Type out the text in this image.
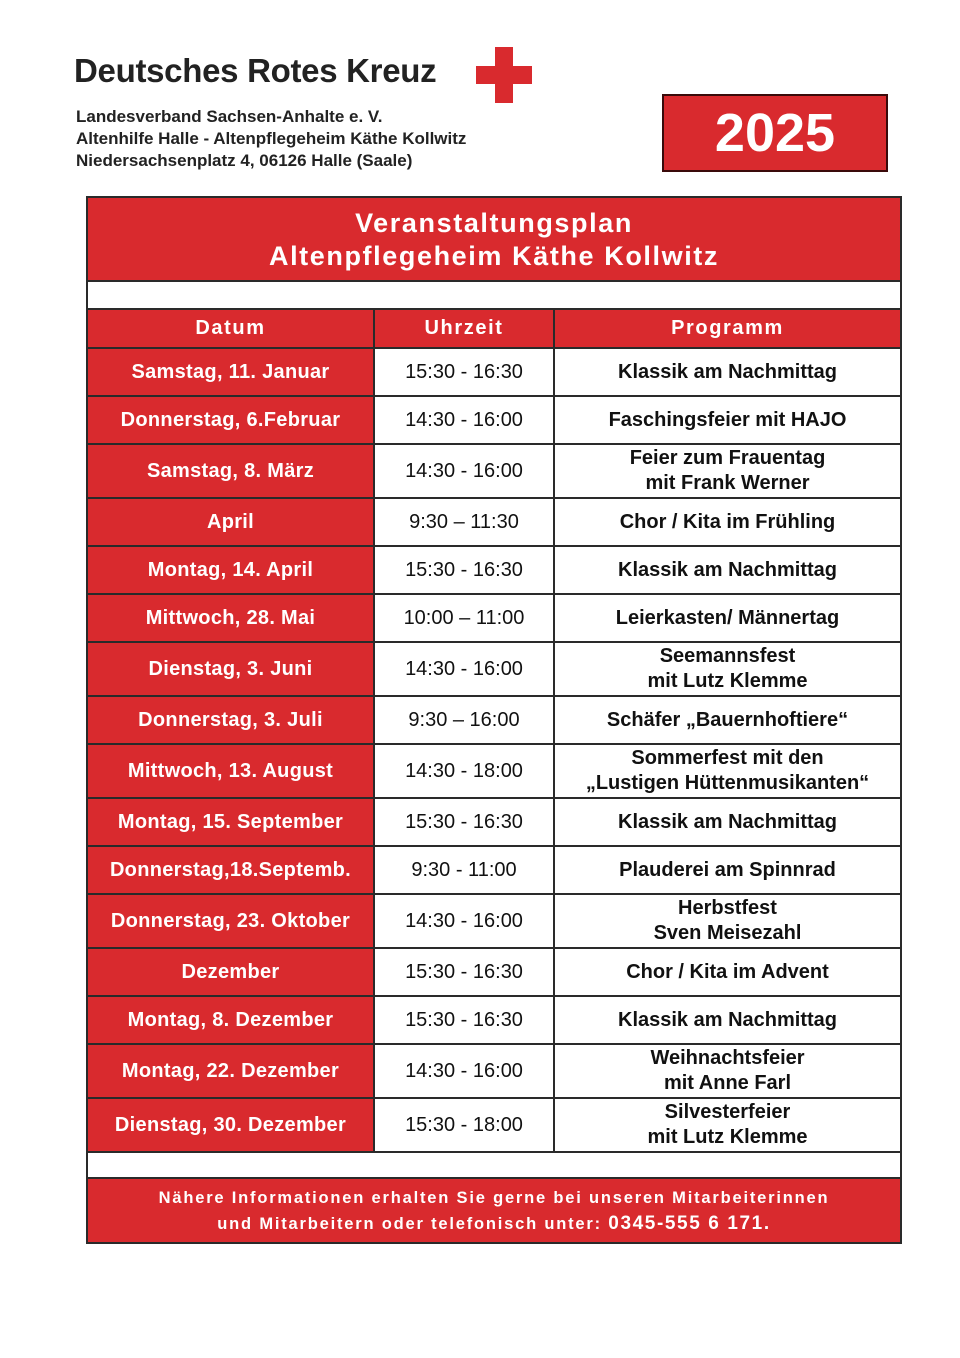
Deutsches Rotes Kreuz
Landesverband Sachsen-Anhalte e. V.
Altenhilfe Halle - Altenpflegeheim Käthe Kollwitz
Niedersachsenplatz 4, 06126 Halle (Saale)	2025
Veranstaltungsplan
Altenpflegeheim Käthe Kollwitz
Datum	Uhrzeit	Programm
Samstag, 11. Januar	15:30 - 16:30	Klassik am Nachmittag

Donnerstag, 6.Februar	14:30 - 16:00	Faschingsfeier mit HAJO

Samstag, 8. März	14:30 - 16:00	Feier zum Frauentag
mit Frank Werner

April	9:30 – 11:30	Chor / Kita im Frühling

Montag, 14. April	15:30 - 16:30	Klassik am Nachmittag

Mittwoch, 28. Mai	10:00 – 11:00	Leierkasten/ Männertag

Dienstag, 3. Juni	14:30 - 16:00	Seemannsfest
mit Lutz Klemme

Donnerstag, 3. Juli	9:30 – 16:00	Schäfer „Bauernhoftiere“

Mittwoch, 13. August	14:30 - 18:00	Sommerfest mit den
„Lustigen Hüttenmusikanten“

Montag, 15. September	15:30 - 16:30	Klassik am Nachmittag

Donnerstag,18.Septemb.	9:30 - 11:00	Plauderei am Spinnrad

Donnerstag, 23. Oktober	14:30 - 16:00	Herbstfest
Sven Meisezahl

Dezember	15:30 - 16:30	Chor / Kita im Advent

Montag, 8. Dezember	15:30 - 16:30	Klassik am Nachmittag

Montag, 22. Dezember	14:30 - 16:00	Weihnachtsfeier
mit Anne Farl

Dienstag, 30. Dezember	15:30 - 18:00	Silvesterfeier
mit Lutz Klemme
Nähere Informationen erhalten Sie gerne bei unseren Mitarbeiterinnen
und Mitarbeitern oder telefonisch unter: 0345-555 6 171.
